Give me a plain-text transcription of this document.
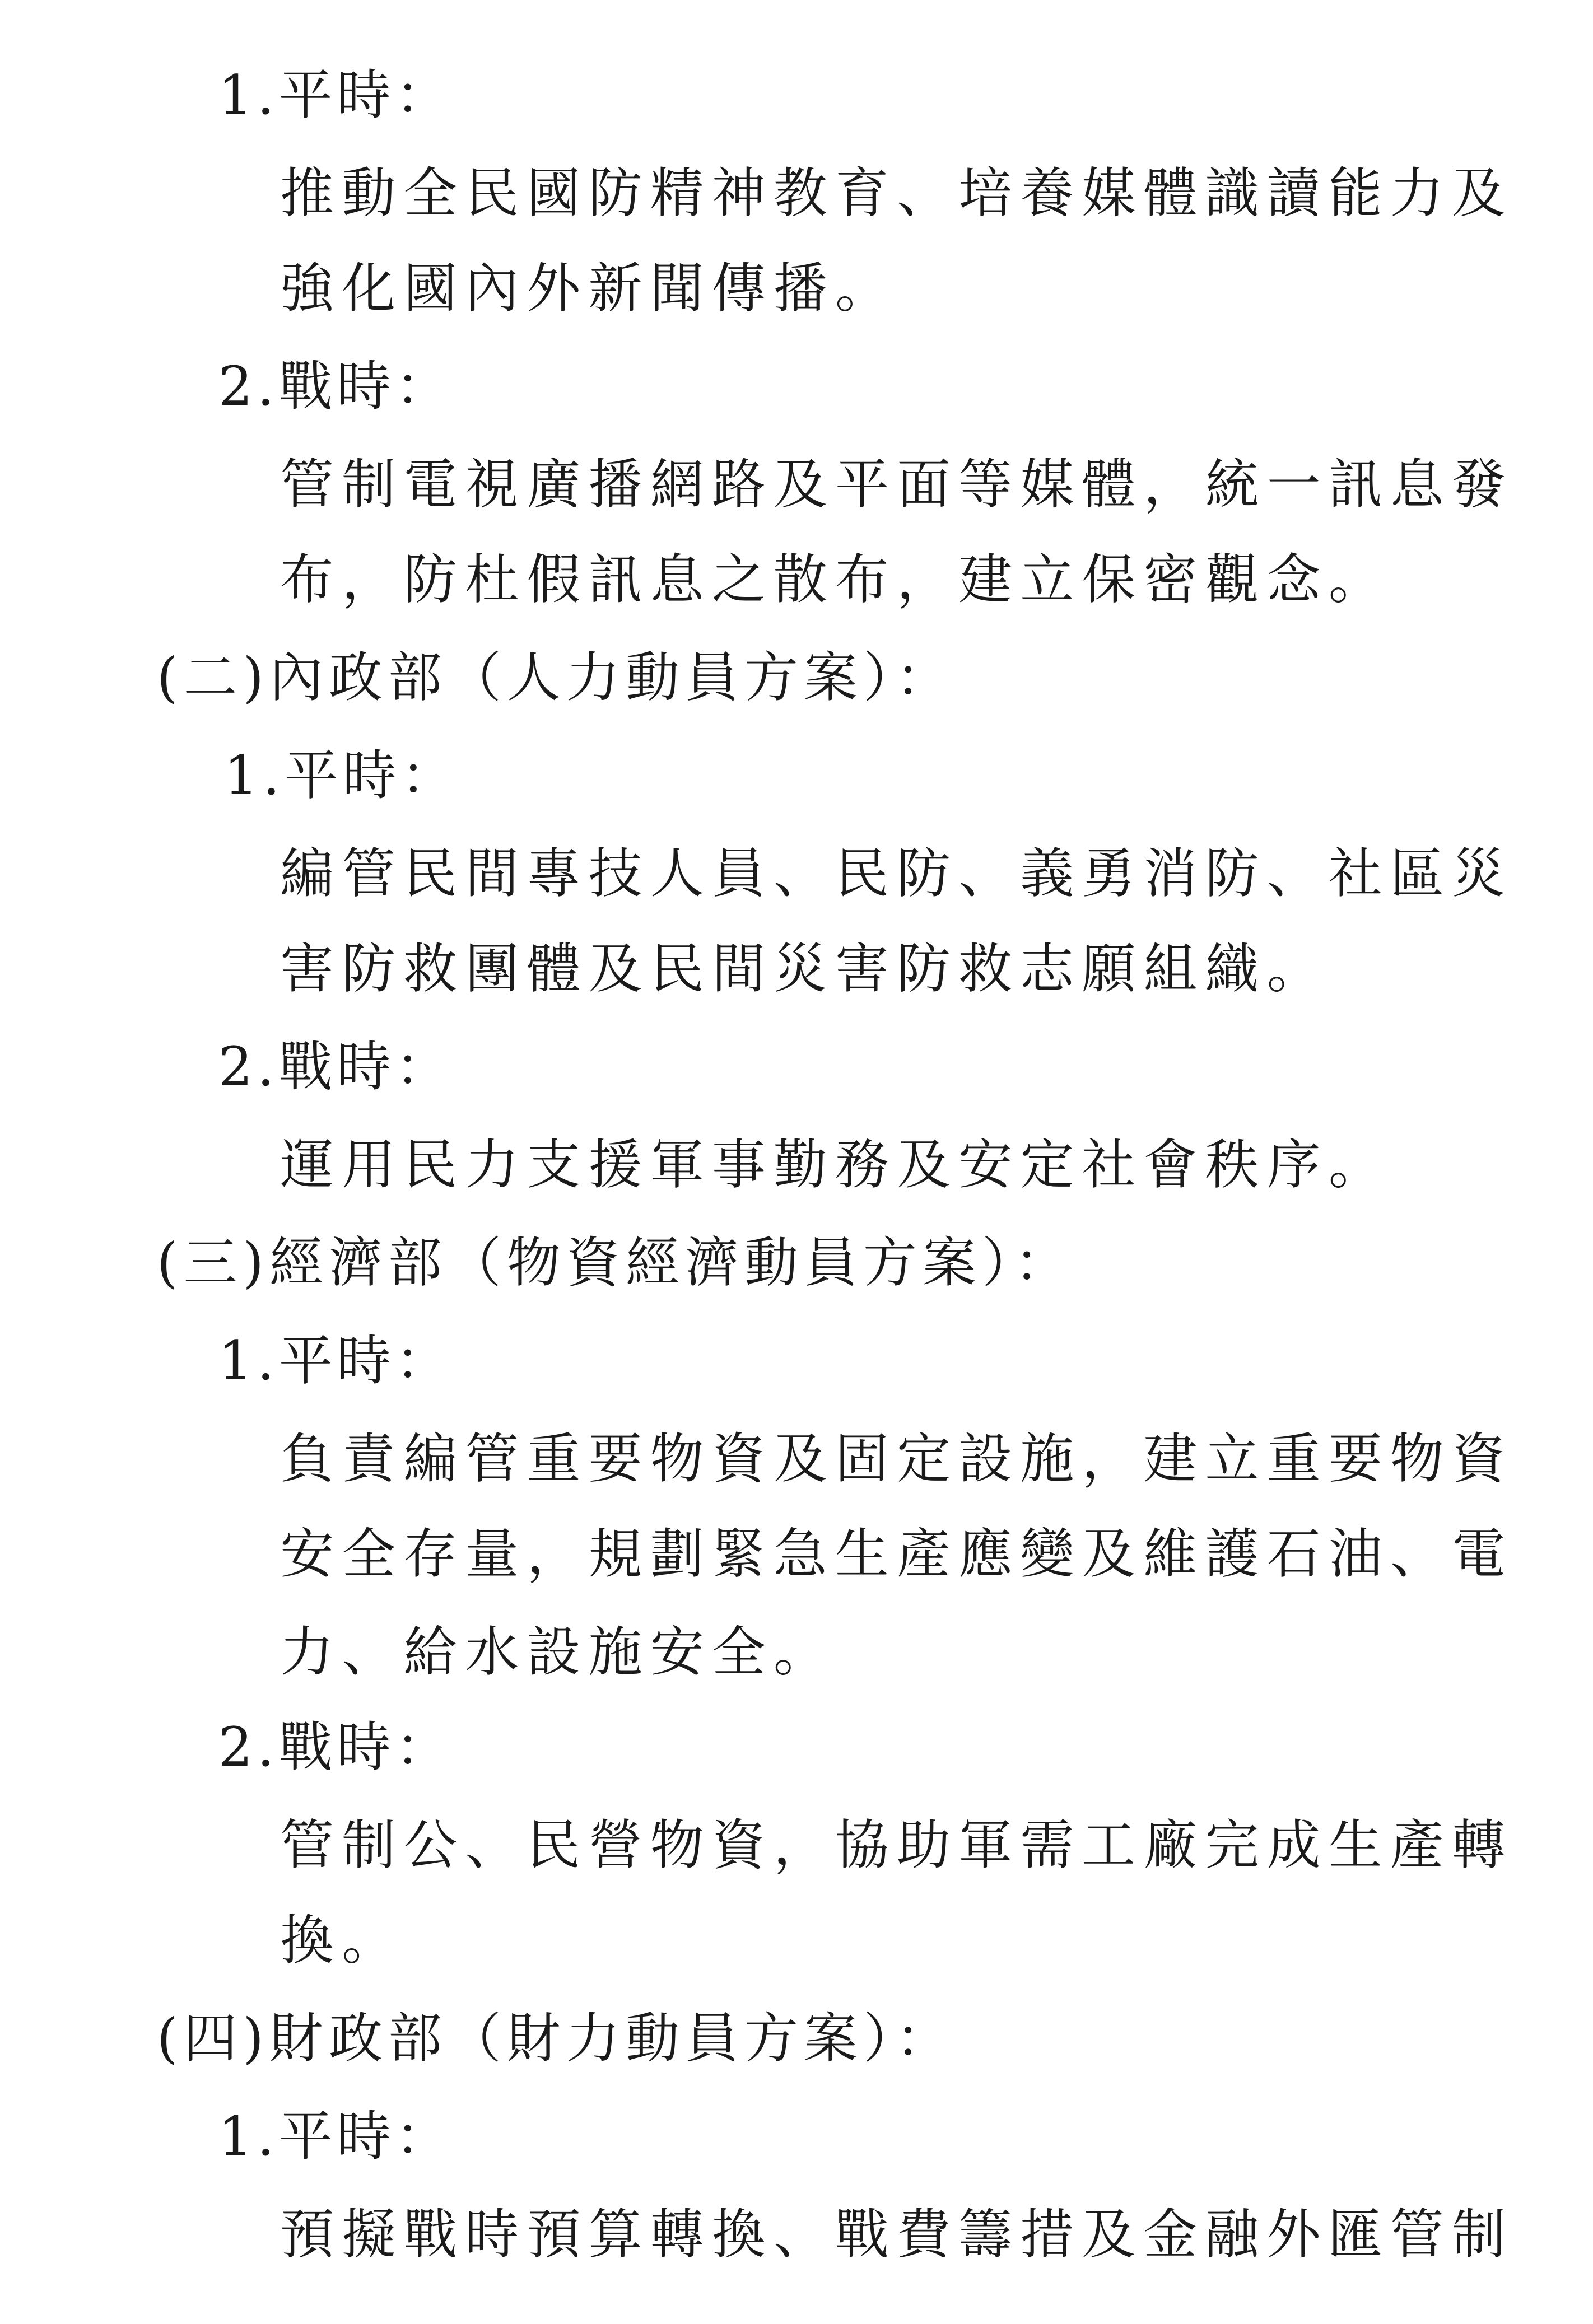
1.平時：
推動全民國防精神教育、培養媒體識讀能力及
強化國內外新聞傳播。
2.戰時：
管制電視廣播網路及平面等媒體，統一訊息發
布，防杜假訊息之散布，建立保密觀念。
(二)內政部（人力動員方案）：
1.平時：
編管民間專技人員、民防、義勇消防、社區災
害防救團體及民間災害防救志願組織。
2.戰時：
運用民力支援軍事勤務及安定社會秩序。
(三)經濟部（物資經濟動員方案）：
1.平時：
負責編管重要物資及固定設施，建立重要物資
安全存量，規劃緊急生產應變及維護石油、電
力、給水設施安全。
2.戰時：
管制公、民營物資，協助軍需工廠完成生產轉
換。
(四)財政部（財力動員方案）：
1.平時：
預擬戰時預算轉換、戰費籌措及金融外匯管制
